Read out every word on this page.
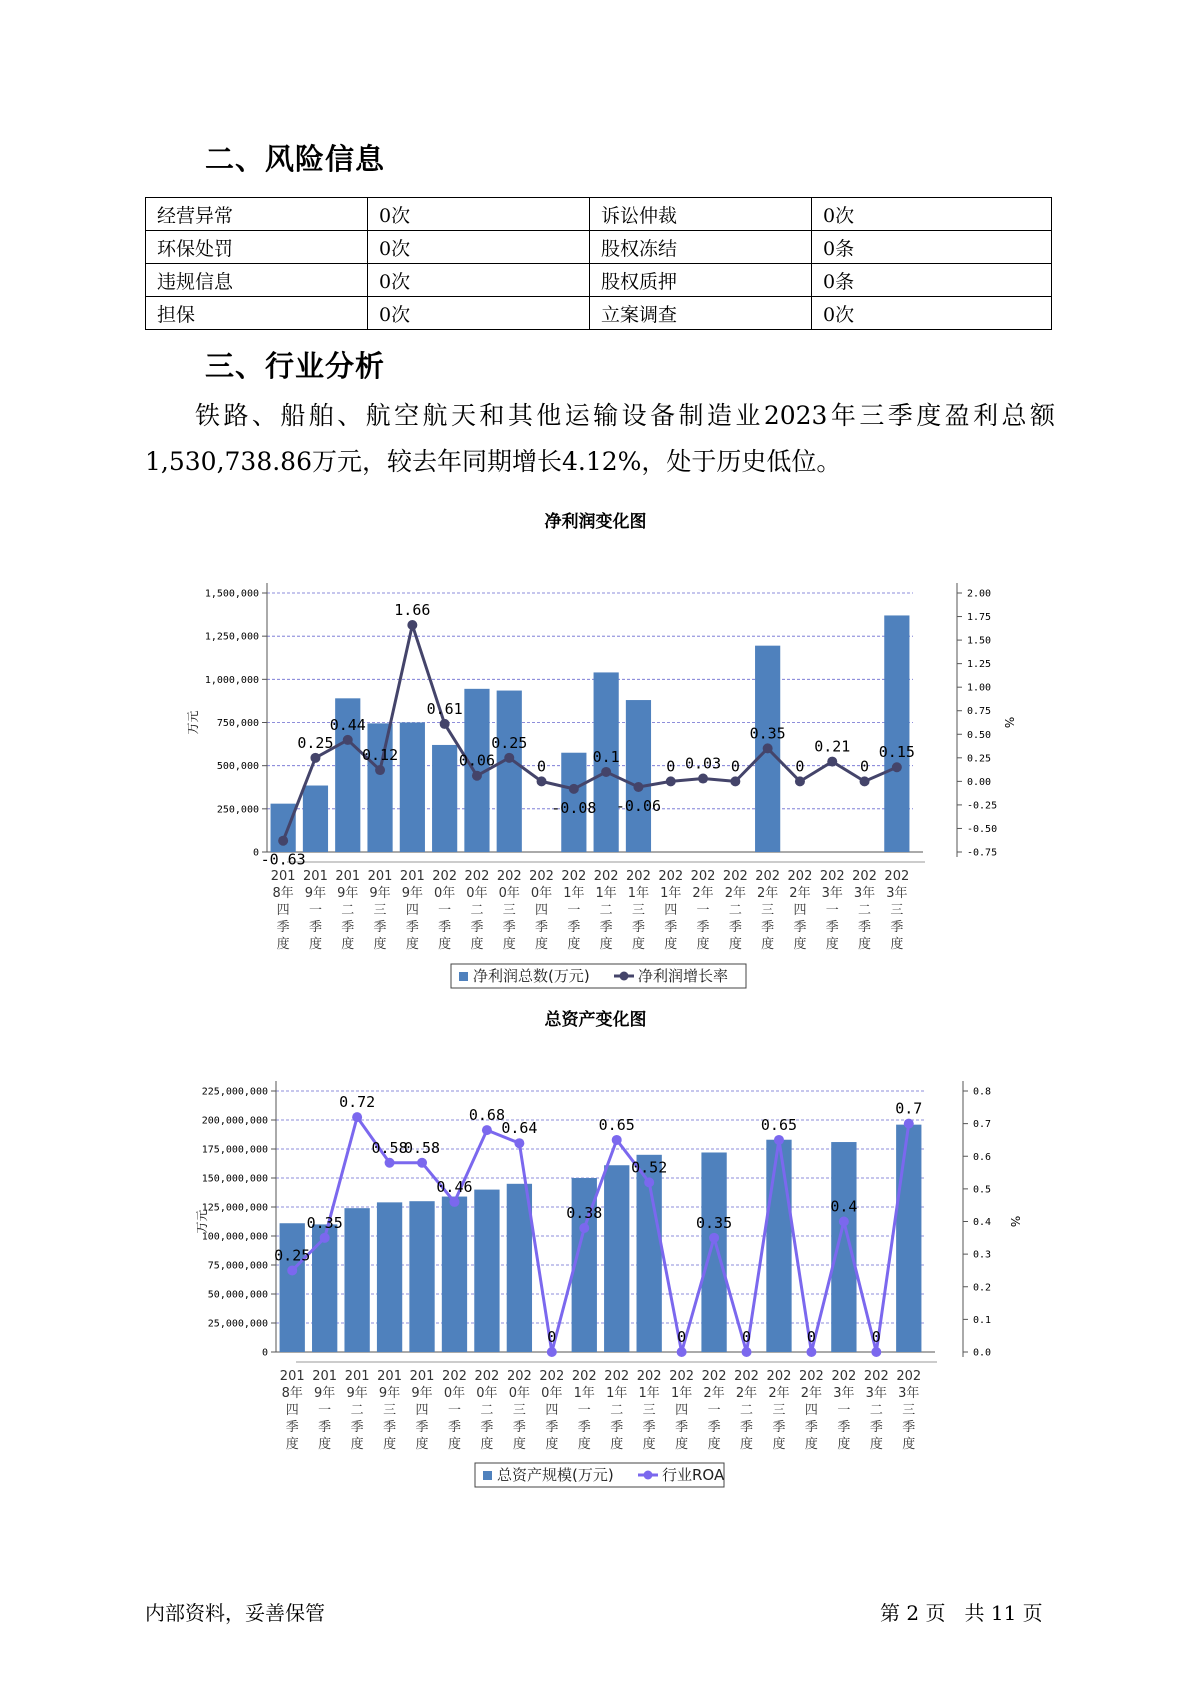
二、风险信息
经营异常	0次	诉讼仲裁	0次
环保处罚	0次	股权冻结	0条
违规信息	0次	股权质押	0条
担保	0次	立案调查	0次
三、行业分析
铁路、船舶、航空航天和其他运输设备制造业2023年三季度盈利总额1,530,738.86万元，较去年同期增长4.12%，处于历史低位。
净利润变化图
0
250,000
500,000
750,000
1,000,000
1,250,000
1,500,000
-0.75
-0.50
-0.25
0.00
0.25
0.50
0.75
1.00
1.25
1.50
1.75
2.00
万元	%
-0.63
0.25
0.44
0.12
1.66
0.61
0.06
0.25
0
-0.08
0.1
-0.06
0 0.03 0
0.35
0
0.21
0
0.15
201 8年四季度
201 9年一季度
201 9年二季度
201 9年三季度
201 9年四季度
202 0年一季度
202 0年二季度
202 0年三季度
202 0年四季度
202 1年一季度
202 1年二季度
202 1年三季度
202 1年四季度
202 2年一季度
202 2年二季度
202 2年三季度
202 2年四季度
202 3年一季度
202 3年二季度
202 3年三季度
净利润总数(万元)	净利润增长率
总资产变化图
0
25,000,000
50,000,000
75,000,000
100,000,000
125,000,000
150,000,000
175,000,000
200,000,000
225,000,000
0.0
0.1
0.2
0.3
0.4
0.5
0.6
0.7
0.8
万元	%
0.25
0.35
0.72
0.58
0.58
0.46
0.68
0.64
0
0.38
0.65
0.52
0
0.35
0
0.65
0
0.4
0
0.7
201 8年四季度
201 9年一季度
201 9年二季度
201 9年三季度
201 9年四季度
202 0年一季度
202 0年二季度
202 0年三季度
202 0年四季度
202 1年一季度
202 1年二季度
202 1年三季度
202 1年四季度
202 2年一季度
202 2年二季度
202 2年三季度
202 2年四季度
202 3年一季度
202 3年二季度
202 3年三季度
总资产规模(万元)	行业ROA
内部资料，妥善保管	第 2 页   共 11 页
